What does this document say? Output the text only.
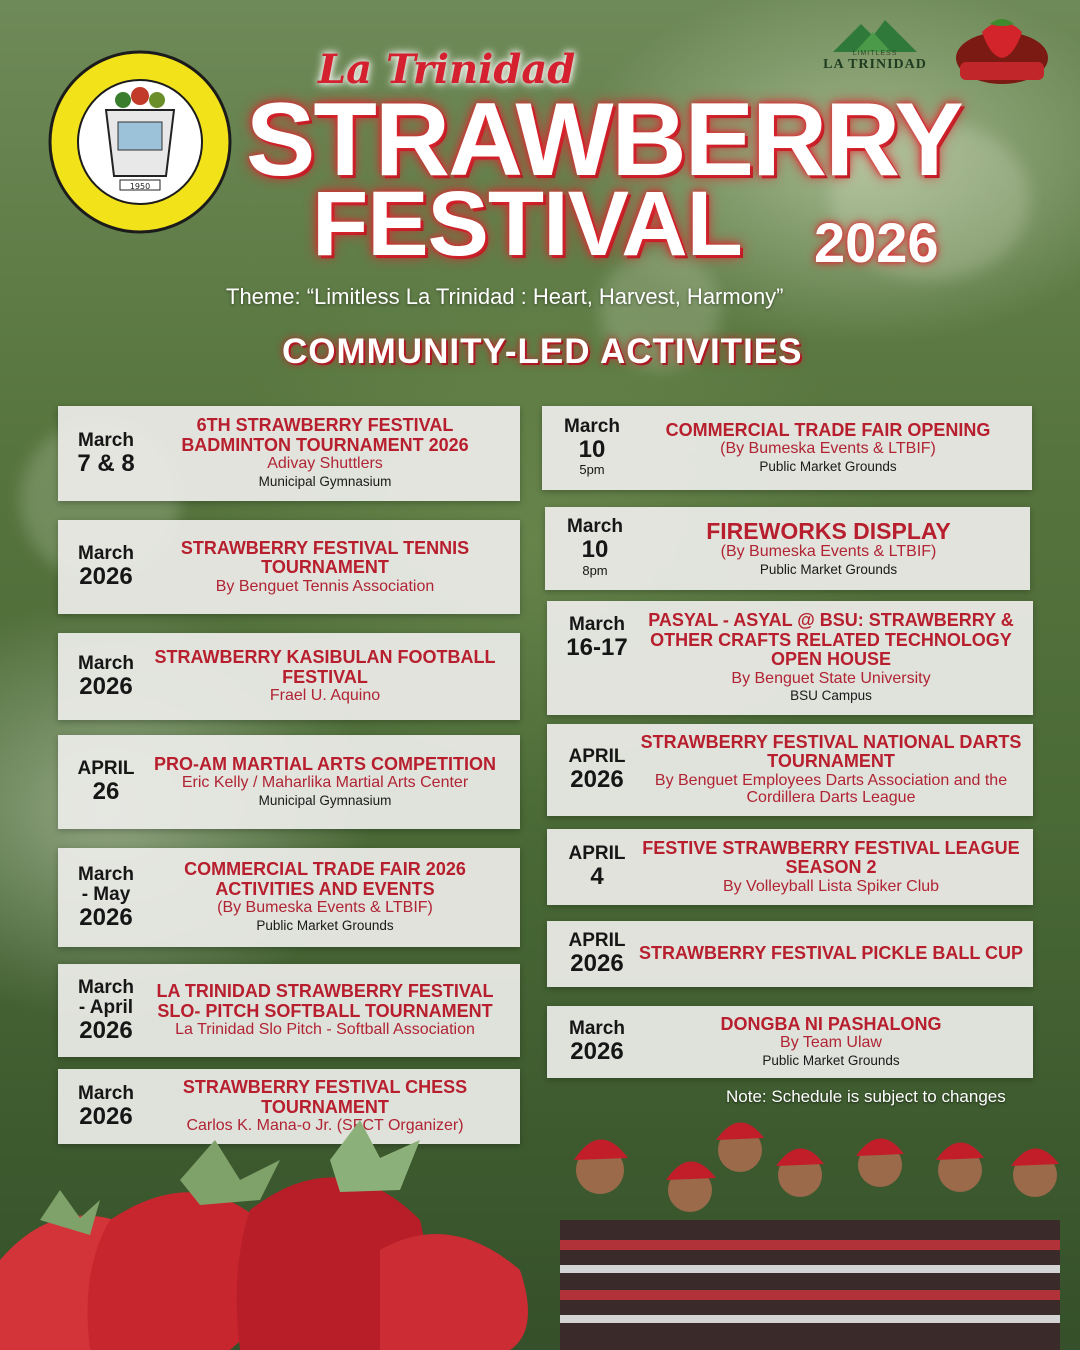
1950
LIMITLESS
LA TRINIDAD
La Trinidad
STRAWBERRY
FESTIVAL 2026
Theme: “Limitless La Trinidad : Heart, Harvest, Harmony”
COMMUNITY-LED ACTIVITIES
March
7 & 8
6TH STRAWBERRY FESTIVAL BADMINTON TOURNAMENT 2026
Adivay Shuttlers
Municipal Gymnasium
March
2026
STRAWBERRY FESTIVAL TENNIS TOURNAMENT
By Benguet Tennis Association
March
2026
STRAWBERRY KASIBULAN FOOTBALL FESTIVAL
Frael U. Aquino
APRIL
26
PRO-AM MARTIAL ARTS COMPETITION
Eric Kelly / Maharlika Martial Arts Center
Municipal Gymnasium
March
- May
2026
COMMERCIAL TRADE FAIR 2026 ACTIVITIES AND EVENTS
(By Bumeska Events & LTBIF)
Public Market Grounds
March
- April
2026
LA TRINIDAD STRAWBERRY FESTIVAL SLO- PITCH SOFTBALL TOURNAMENT
La Trinidad Slo Pitch - Softball Association
March
2026
STRAWBERRY FESTIVAL CHESS TOURNAMENT
Carlos K. Mana-o Jr. (SFCT Organizer)
March
10
5pm
COMMERCIAL TRADE FAIR OPENING
(By Bumeska Events & LTBIF)
Public Market Grounds
March
10
8pm
FIREWORKS DISPLAY
(By Bumeska Events & LTBIF)
Public Market Grounds
March
16-17
PASYAL - ASYAL @ BSU: STRAWBERRY & OTHER CRAFTS RELATED TECHNOLOGY OPEN HOUSE
By Benguet State University
BSU Campus
APRIL
2026
STRAWBERRY FESTIVAL NATIONAL DARTS TOURNAMENT
By Benguet Employees Darts Association and the Cordillera Darts League
APRIL
4
FESTIVE STRAWBERRY FESTIVAL LEAGUE SEASON 2
By Volleyball Lista Spiker Club
APRIL
2026 STRAWBERRY FESTIVAL PICKLE BALL CUP
March
2026
DONGBA NI PASHALONG
By Team Ulaw
Public Market Grounds
Note: Schedule is subject to changes
